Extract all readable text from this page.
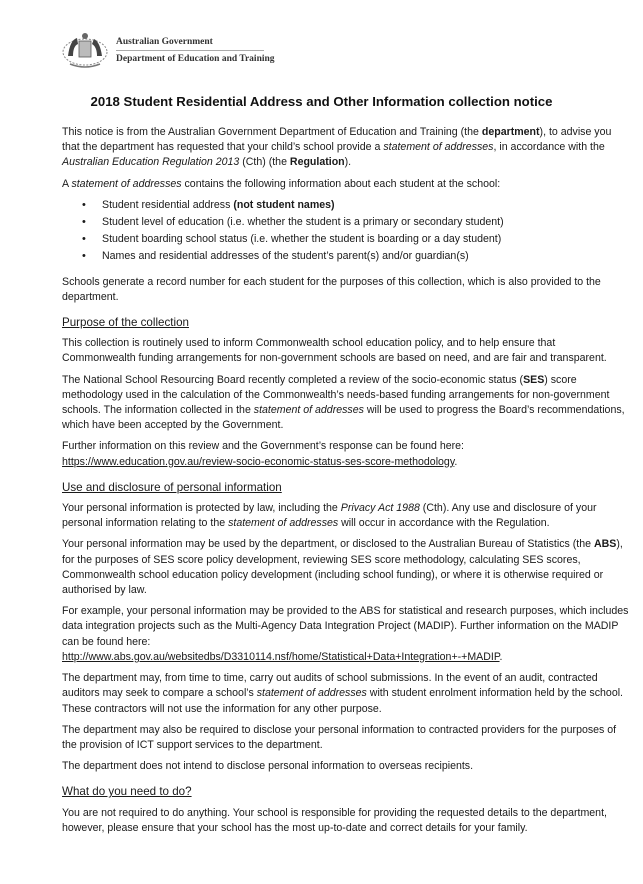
Australian Government
Department of Education and Training
2018 Student Residential Address and Other Information collection notice

This notice is from the Australian Government Department of Education and Training (the department), to advise you that the department has requested that your child’s school provide a statement of addresses, in accordance with the Australian Education Regulation 2013 (Cth) (the Regulation).

A statement of addresses contains the following information about each student at the school:

• Student residential address (not student names)
• Student level of education (i.e. whether the student is a primary or secondary student)
• Student boarding school status (i.e. whether the student is boarding or a day student)
• Names and residential addresses of the student’s parent(s) and/or guardian(s)

Schools generate a record number for each student for the purposes of this collection, which is also provided to the department.

Purpose of the collection

This collection is routinely used to inform Commonwealth school education policy, and to help ensure that Commonwealth funding arrangements for non-government schools are based on need, and are fair and transparent.

The National School Resourcing Board recently completed a review of the socio-economic status (SES) score methodology used in the calculation of the Commonwealth’s needs-based funding arrangements for non-government schools. The information collected in the statement of addresses will be used to progress the Board’s recommendations, which have been accepted by the Government.

Further information on this review and the Government’s response can be found here:
https://www.education.gov.au/review-socio-economic-status-ses-score-methodology.

Use and disclosure of personal information

Your personal information is protected by law, including the Privacy Act 1988 (Cth). Any use and disclosure of your personal information relating to the statement of addresses will occur in accordance with the Regulation.

Your personal information may be used by the department, or disclosed to the Australian Bureau of Statistics (the ABS), for the purposes of SES score policy development, reviewing SES score methodology, calculating SES scores, Commonwealth school education policy development (including school funding), or where it is otherwise required or authorised by law.

For example, your personal information may be provided to the ABS for statistical and research purposes, which includes data integration projects such as the Multi-Agency Data Integration Project (MADIP). Further information on the MADIP can be found here:
http://www.abs.gov.au/websitedbs/D3310114.nsf/home/Statistical+Data+Integration+-+MADIP.

The department may, from time to time, carry out audits of school submissions. In the event of an audit, contracted auditors may seek to compare a school’s statement of addresses with student enrolment information held by the school. These contractors will not use the information for any other purpose.

The department may also be required to disclose your personal information to contracted providers for the purposes of the provision of ICT support services to the department.

The department does not intend to disclose personal information to overseas recipients.

What do you need to do?

You are not required to do anything. Your school is responsible for providing the requested details to the department, however, please ensure that your school has the most up-to-date and correct details for your family.
